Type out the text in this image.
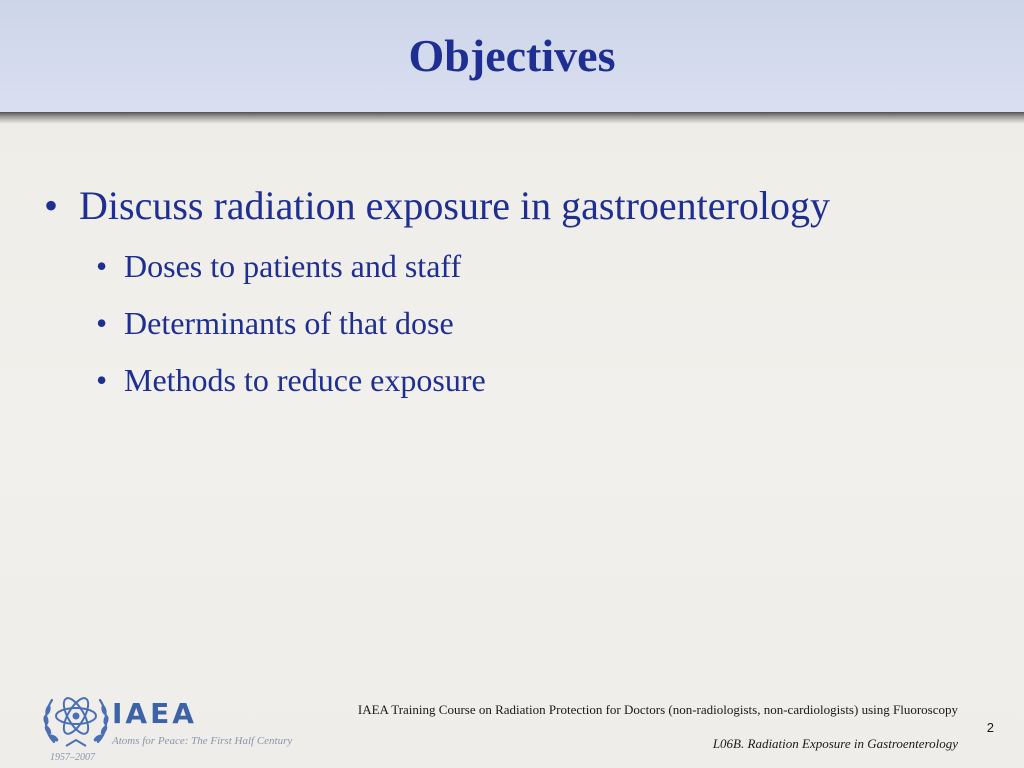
Objectives
• Discuss radiation exposure in gastroenterology
• Doses to patients and staff
• Determinants of that dose
• Methods to reduce exposure
IAEA
Atoms for Peace: The First Half Century
1957–2007
IAEA Training Course on Radiation Protection for Doctors (non-radiologists, non-cardiologists) using Fluoroscopy
2
L06B. Radiation Exposure in Gastroenterology
